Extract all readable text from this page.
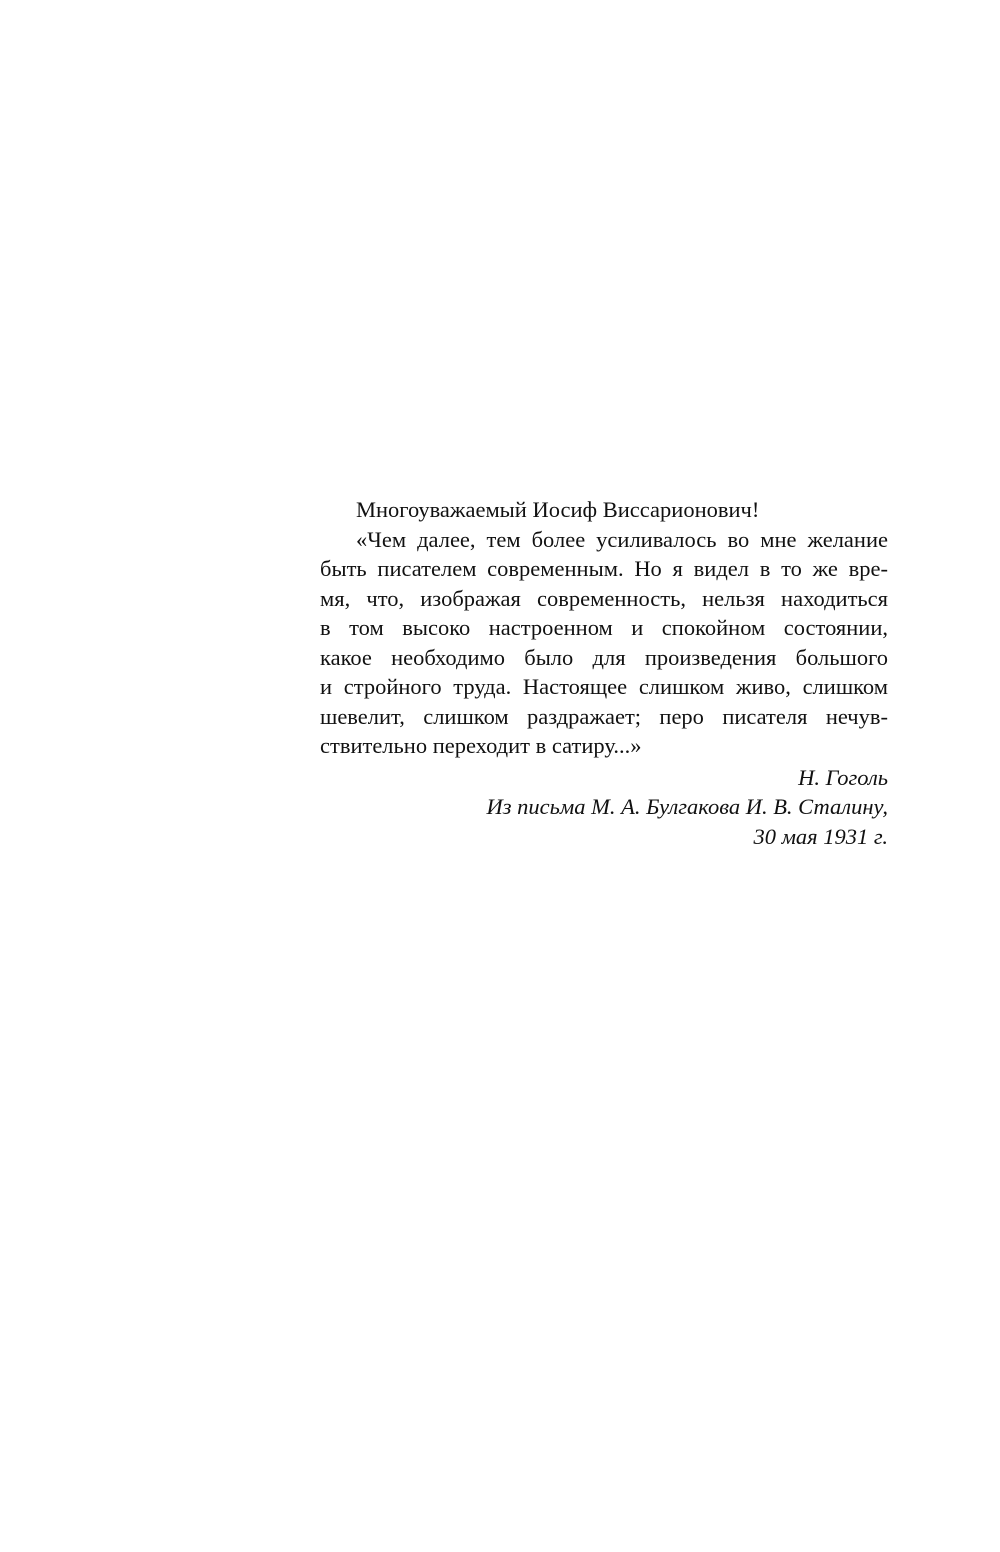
Многоуважаемый Иосиф Виссарионович!

«Чем далее, тем более усиливалось во мне желание
быть писателем современным. Но я видел в то же вре-
мя, что, изображая современность, нельзя находиться
в том высоко настроенном и спокойном состоянии,
какое необходимо было для произведения большого
и стройного труда. Настоящее слишком живо, слишком
шевелит, слишком раздражает; перо писателя нечув-
ствительно переходит в сатиру...»

Н. Гоголь
Из письма М. А. Булгакова И. В. Сталину,
30 мая 1931 г.
